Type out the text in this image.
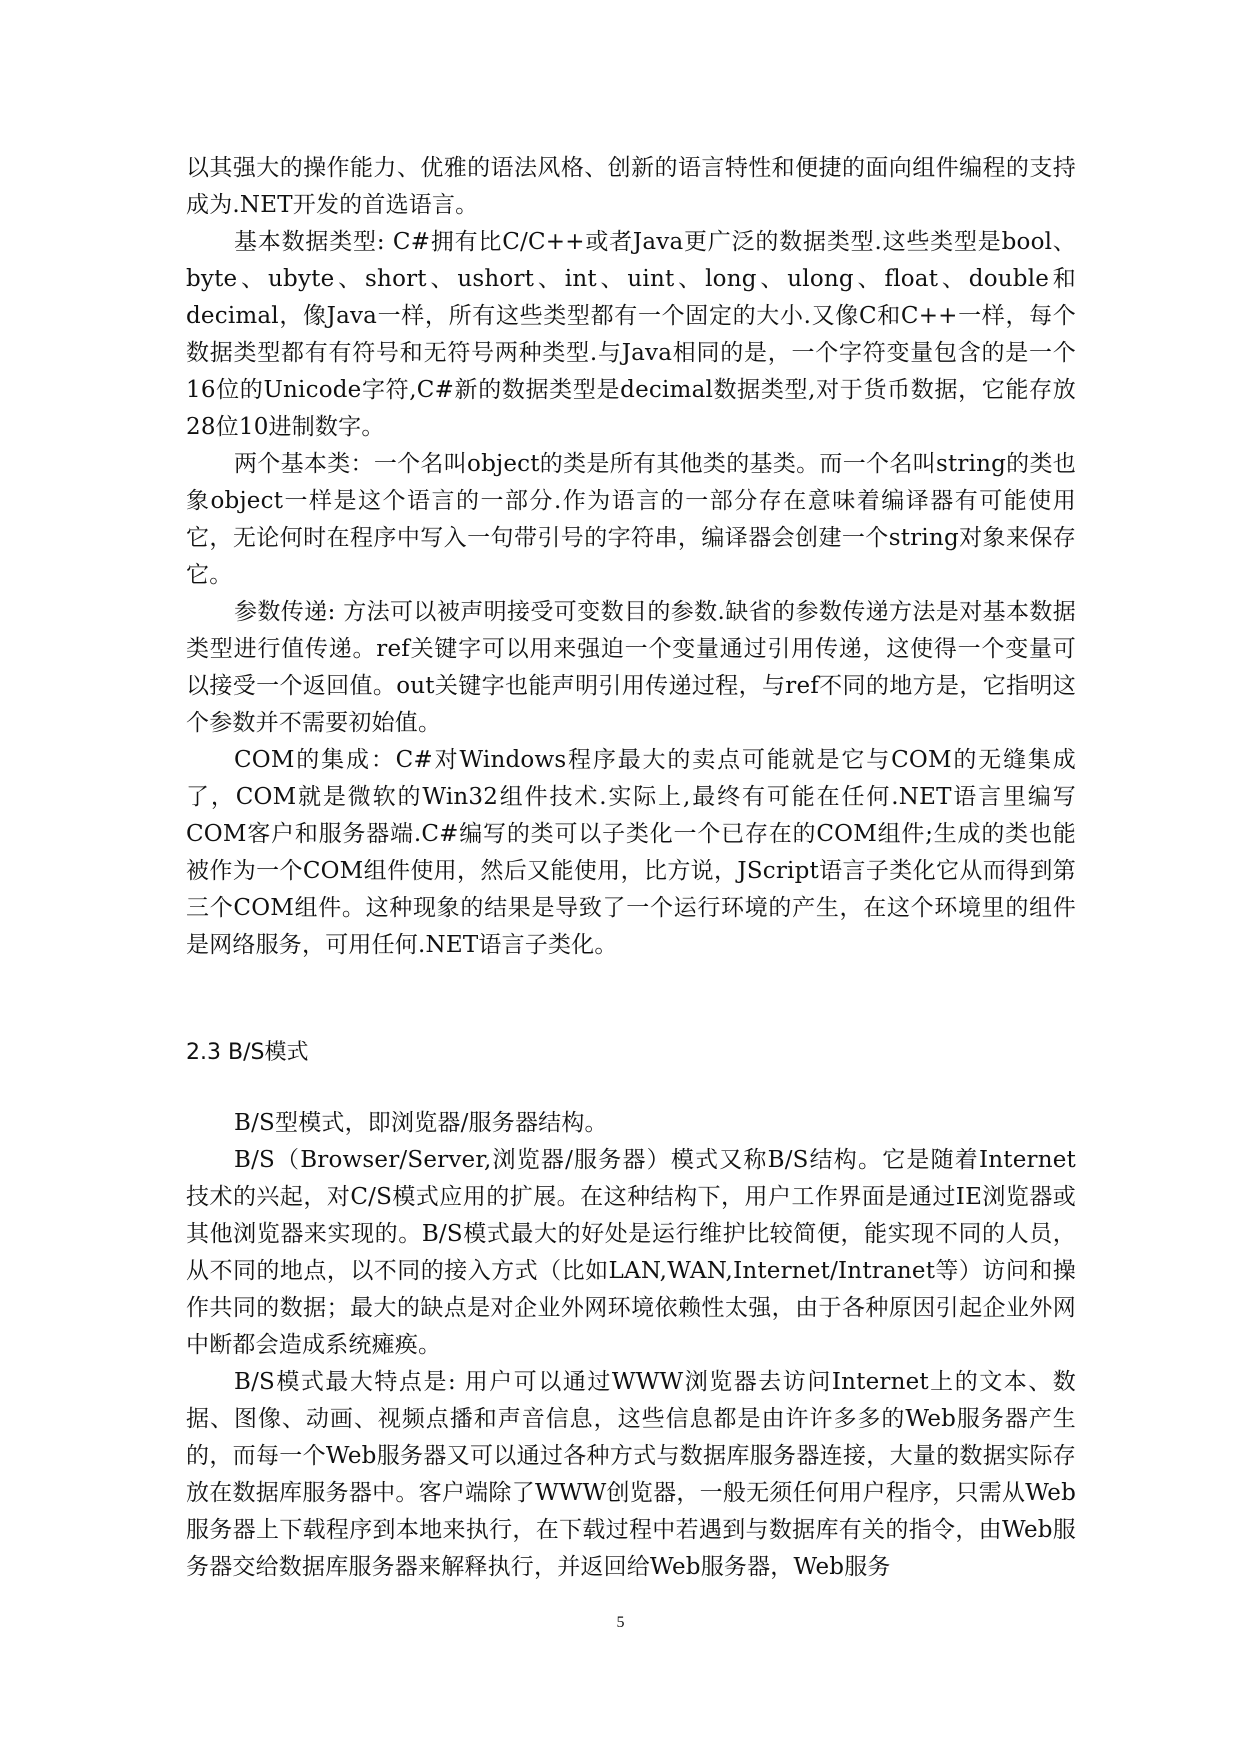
以其强大的操作能力、优雅的语法风格、创新的语言特性和便捷的面向组件编程的支持成为.NET开发的首选语言。

基本数据类型: C#拥有比C/C++或者Java更广泛的数据类型.这些类型是bool、byte、ubyte、short、ushort、int、uint、long、ulong、float、double和decimal，像Java一样，所有这些类型都有一个固定的大小.又像C和C++一样，每个数据类型都有有符号和无符号两种类型.与Java相同的是，一个字符变量包含的是一个16位的Unicode字符,C#新的数据类型是decimal数据类型,对于货币数据，它能存放28位10进制数字。

两个基本类：一个名叫object的类是所有其他类的基类。而一个名叫string的类也象object一样是这个语言的一部分.作为语言的一部分存在意味着编译器有可能使用它，无论何时在程序中写入一句带引号的字符串，编译器会创建一个string对象来保存它。

参数传递: 方法可以被声明接受可变数目的参数.缺省的参数传递方法是对基本数据类型进行值传递。ref关键字可以用来强迫一个变量通过引用传递，这使得一个变量可以接受一个返回值。out关键字也能声明引用传递过程，与ref不同的地方是，它指明这个参数并不需要初始值。

COM的集成：C#对Windows程序最大的卖点可能就是它与COM的无缝集成了，COM就是微软的Win32组件技术.实际上,最终有可能在任何.NET语言里编写COM客户和服务器端.C#编写的类可以子类化一个已存在的COM组件;生成的类也能被作为一个COM组件使用，然后又能使用，比方说，JScript语言子类化它从而得到第三个COM组件。这种现象的结果是导致了一个运行环境的产生，在这个环境里的组件是网络服务，可用任何.NET语言子类化。

2.3 B/S模式

B/S型模式，即浏览器/服务器结构。

B/S（Browser/Server,浏览器/服务器）模式又称B/S结构。它是随着Internet技术的兴起，对C/S模式应用的扩展。在这种结构下，用户工作界面是通过IE浏览器或其他浏览器来实现的。B/S模式最大的好处是运行维护比较简便，能实现不同的人员，从不同的地点，以不同的接入方式（比如LAN,WAN,Internet/Intranet等）访问和操作共同的数据；最大的缺点是对企业外网环境依赖性太强，由于各种原因引起企业外网中断都会造成系统瘫痪。

B/S模式最大特点是: 用户可以通过WWW浏览器去访问Internet上的文本、数据、图像、动画、视频点播和声音信息，这些信息都是由许许多多的Web服务器产生的，而每一个Web服务器又可以通过各种方式与数据库服务器连接，大量的数据实际存放在数据库服务器中。客户端除了WWW创览器，一般无须任何用户程序，只需从Web服务器上下载程序到本地来执行，在下载过程中若遇到与数据库有关的指令，由Web服务器交给数据库服务器来解释执行，并返回给Web服务器，Web服务

5
